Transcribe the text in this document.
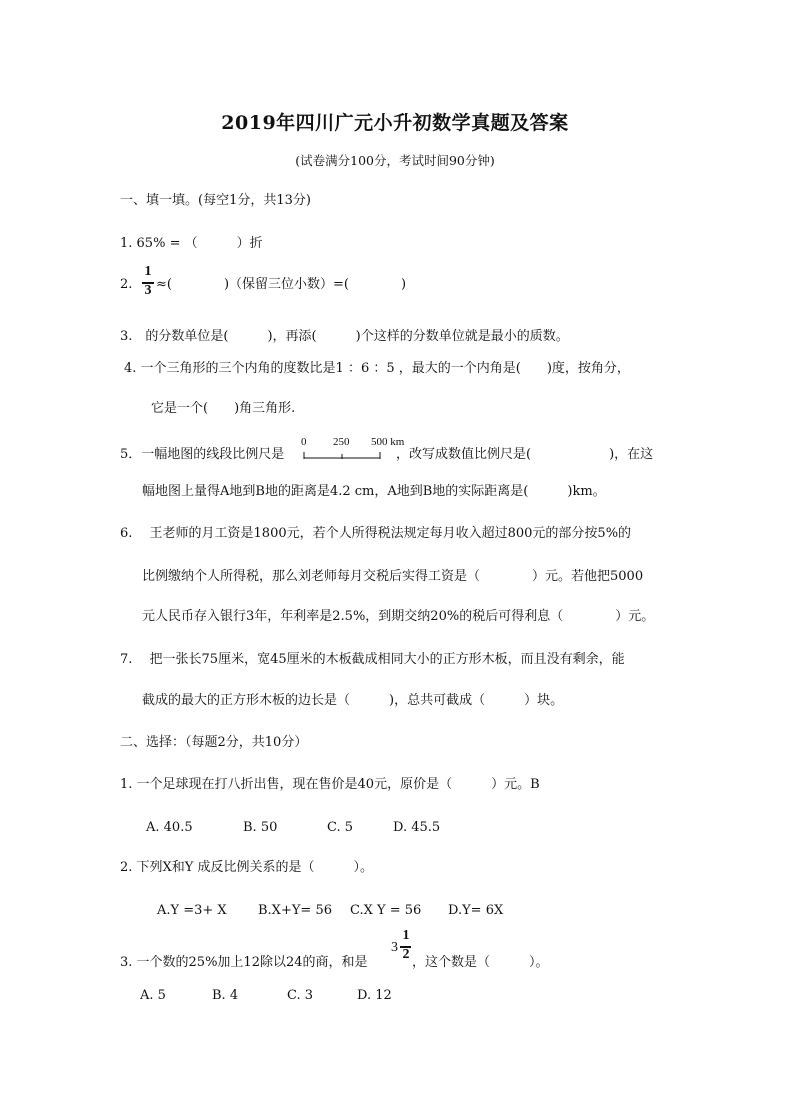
2019年四川广元小升初数学真题及答案
(试卷满分100分，考试时间90分钟)
一、填一填。(每空1分，共13分)
1. 65% = （　　　）折
2.
1
3 ≈(　　　　)（保留三位小数）=(　　　　)
3.　的分数单位是(　　　)，再添(　　　)个这样的分数单位就是最小的质数。
4. 一个三角形的三个内角的度数比是1 ：6 ：5 ，最大的一个内角是(　　)度，按角分，
它是一个(　　)角三角形.
5．一幅地图的线段比例尺是
0 250 500 km
，改写成数值比例尺是(　　　　　　)，在这
幅地图上量得A地到B地的距离是4.2 cm，A地到B地的实际距离是(　　　)km。
6.　 王老师的月工资是1800元，若个人所得税法规定每月收入超过800元的部分按5%的
比例缴纳个人所得税，那么刘老师每月交税后实得工资是（　　　　）元。若他把5000
元人民币存入银行3年，年利率是2.5%，到期交纳20%的税后可得利息（　　　　）元。
7.　 把一张长75厘米，宽45厘米的木板截成相同大小的正方形木板，而且没有剩余，能
截成的最大的正方形木板的边长是（　　　)，总共可截成（　　　）块。
二、选择：（每题2分，共10分）
1. 一个足球现在打八折出售，现在售价是40元，原价是（　　　）元。B
A. 40.5	B. 50	C. 5	D. 45.5
2. 下列X和Y 成反比例关系的是（　　　）。
A.Y =3+ X B.X+Y= 56 C.X Y = 56 D.Y= 6X
3. 一个数的25%加上12除以24的商，和是
3
1
2
，这个数是（　　　）。
A. 5	B. 4	C. 3	D. 12
